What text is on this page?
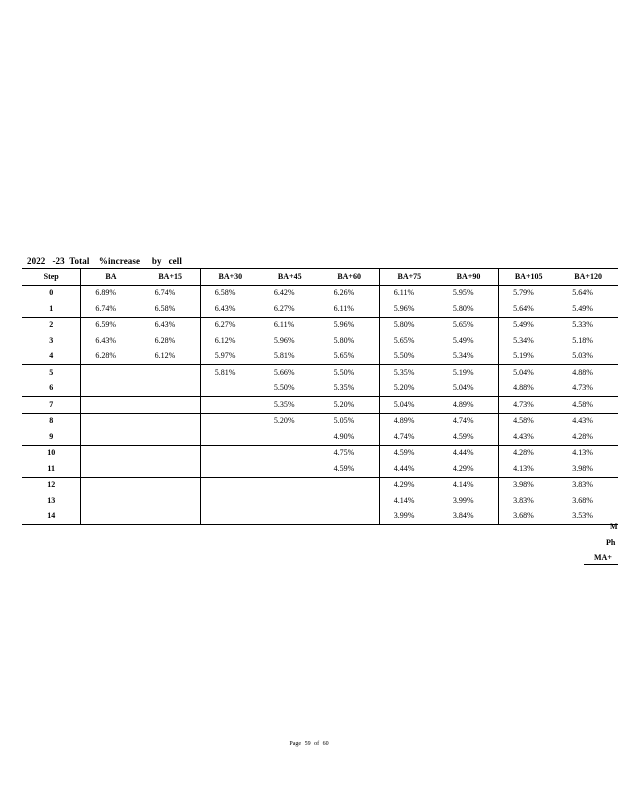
2022   -23  Total    %increase     by   cell
Step	BA	BA+15	BA+30	BA+45	BA+60	BA+75	BA+90	BA+105	BA+120
0	6.89%	6.74%	6.58%	6.42%	6.26%	6.11%	5.95%	5.79%	5.64%
1	6.74%	6.58%	6.43%	6.27%	6.11%	5.96%	5.80%	5.64%	5.49%
2	6.59%	6.43%	6.27%	6.11%	5.96%	5.80%	5.65%	5.49%	5.33%
3	6.43%	6.28%	6.12%	5.96%	5.80%	5.65%	5.49%	5.34%	5.18%
4	6.28%	6.12%	5.97%	5.81%	5.65%	5.50%	5.34%	5.19%	5.03%
5			5.81%	5.66%	5.50%	5.35%	5.19%	5.04%	4.88%
6				5.50%	5.35%	5.20%	5.04%	4.88%	4.73%
7				5.35%	5.20%	5.04%	4.89%	4.73%	4.58%
8				5.20%	5.05%	4.89%	4.74%	4.58%	4.43%
9					4.90%	4.74%	4.59%	4.43%	4.28%
10					4.75%	4.59%	4.44%	4.28%	4.13%
11					4.59%	4.44%	4.29%	4.13%	3.98%
12						4.29%	4.14%	3.98%	3.83%
13						4.14%	3.99%	3.83%	3.68%
14						3.99%	3.84%	3.68%	3.53%
M
Ph
MA+
Page 59 of 60
